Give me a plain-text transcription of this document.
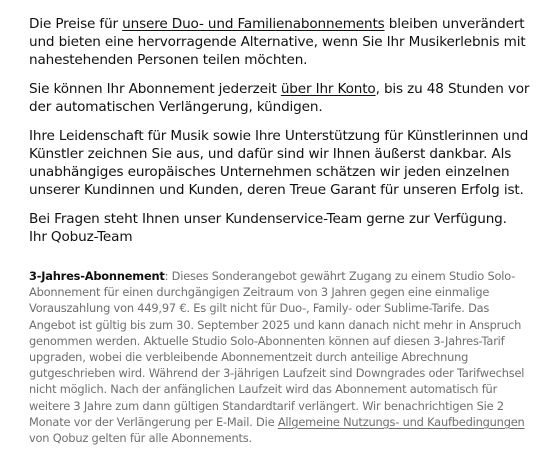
Die Preise für unsere Duo- und Familienabonnements bleiben unverändert und bieten eine hervorragende Alternative, wenn Sie Ihr Musikerlebnis mit nahestehenden Personen teilen möchten.

Sie können Ihr Abonnement jederzeit über Ihr Konto, bis zu 48 Stunden vor der automatischen Verlängerung, kündigen.

Ihre Leidenschaft für Musik sowie Ihre Unterstützung für Künstlerinnen und Künstler zeichnen Sie aus, und dafür sind wir Ihnen äußerst dankbar. Als unabhängiges europäisches Unternehmen schätzen wir jeden einzelnen unserer Kundinnen und Kunden, deren Treue Garant für unseren Erfolg ist.

Bei Fragen steht Ihnen unser Kundenservice-Team gerne zur Verfügung.
Ihr Qobuz-Team

3-Jahres-Abonnement: Dieses Sonderangebot gewährt Zugang zu einem Studio Solo-Abonnement für einen durchgängigen Zeitraum von 3 Jahren gegen eine einmalige Vorauszahlung von 449,97 €. Es gilt nicht für Duo-, Family- oder Sublime-Tarife. Das Angebot ist gültig bis zum 30. September 2025 und kann danach nicht mehr in Anspruch genommen werden. Aktuelle Studio Solo-Abonnenten können auf diesen 3-Jahres-Tarif upgraden, wobei die verbleibende Abonnementzeit durch anteilige Abrechnung gutgeschrieben wird. Während der 3-jährigen Laufzeit sind Downgrades oder Tarifwechsel nicht möglich. Nach der anfänglichen Laufzeit wird das Abonnement automatisch für weitere 3 Jahre zum dann gültigen Standardtarif verlängert. Wir benachrichtigen Sie 2 Monate vor der Verlängerung per E-Mail. Die Allgemeine Nutzungs- und Kaufbedingungen von Qobuz gelten für alle Abonnements.
